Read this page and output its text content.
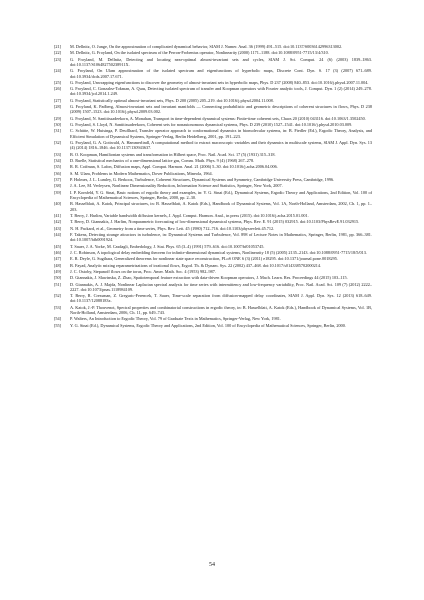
[21]	M. Dellnitz, O. Junge, On the approximation of complicated dynamical behavior, SIAM J. Numer. Anal. 36 (1999) 491–515. doi:10.1137/S0036142996313002.
[22]	M. Dellnitz, G. Froyland, On the isolated spectrum of the Perron-Frobenius operator, Nonlinearity (2000) 1171–1188. doi:10.1088/0951-7715/13/4/310.
[23]	G. Froyland, M. Dellnitz, Detecting and locating near-optimal almost-invariant sets and cycles, SIAM J. Sci. Comput. 24 (6) (2003) 1839–1863. doi:10.1137/S106482750238911X.
[24]	G. Froyland, On Ulam approximation of the isolated spectrum and eigenfunctions of hyperbolic maps, Discrete Cont. Dyn. S. 17 (3) (2007) 671–689. doi:10.3934/dcds.2007.17.671.
[25]	G. Froyland, Unwrapping eigenfunctions to discover the geometry of almost-invariant sets in hyperbolic maps, Phys. D 237 (2008) 840–853. doi:10.1016/j.physd.2007.11.004.
[26]	G. Froyland, C. Gonzalez-Tokman, A. Quas, Detecting isolated spectrum of transfer and Koopman operators with Fourier analytic tools, J. Comput. Dyn. 1 (2) (2014) 249–278. doi:10.3934/jcd.2014.1.249.
[27]	G. Froyland, Statistically optimal almost-invariant sets, Phys. D 200 (2005) 205–219. doi:10.1016/j.physd.2004.11.008.
[28]	G. Froyland, K. Padberg, Almost-invariant sets and invariant manifolds — Connecting probabilistic and geometric descriptions of coherent structures in flows, Phys. D 238 (2009) 1507–1523. doi:10.1016/j.physd.2009.03.002.
[29]	G. Froyland, N. Santitissadeekorn, A. Monahan, Transport in time-dependent dynamical systems: Finite-time coherent sets, Chaos 20 (2010) 043116. doi:10.1063/1.3502450.
[30]	G. Froyland, S. Lloyd, N. Santitissadeekorn, Coherent sets for nonautonomous dynamical systems, Phys. D 239 (2010) 1527–1541. doi:10.1016/j.physd.2010.03.009.
[31]	C. Schütte, W. Huisinga, P. Deuflhard, Transfer operator approach to conformational dynamics in biomolecular systems, in: B. Fiedler (Ed.), Ergodic Theory, Analysis, and Efficient Simulation of Dynamical Systems, Springer-Verlag, Berlin Heidelberg, 2001, pp. 191–223.
[32]	G. Froyland, G. A. Gottwald, A. Hammerlindl, A computational method to extract macroscopic variables and their dynamics in multiscale systems, SIAM J. Appl. Dyn. Sys. 13 (4) (2014) 1816–1846. doi:10.1137/130943637.
[33]	B. O. Koopman, Hamiltonian systems and transformation in Hilbert space, Proc. Natl. Acad. Sci. 17 (5) (1931) 315–318.
[34]	D. Ruelle, Statistical mechanics of a one-dimensional lattice gas, Comm. Math. Phys. 9 (4) (1968) 267–278.
[35]	R. R. Coifman, S. Lafon, Diffusion maps, Appl. Comput. Harmon. Anal. 21 (2006) 5–30. doi:10.1016/j.acha.2006.04.006.
[36]	S. M. Ulam, Problems in Modern Mathematics, Dover Publications, Mineola, 1964.
[37]	P. Holmes, J. L. Lumley, G. Berkooz, Turbulence, Coherent Structures, Dynamical Systems and Symmetry, Cambridge University Press, Cambridge, 1996.
[38]	J. A. Lee, M. Verleysen, Nonlinear Dimensionality Reduction, Information Science and Statistics, Springer, New York, 2007.
[39]	I. P. Kornfeld, Y. G. Sinai, Basic notions of ergodic theory and examples, in: Y. G. Sinai (Ed.), Dynamical Systems, Ergodic Theory and Applications, 2nd Edition, Vol. 100 of Encyclopedia of Mathematical Sciences, Springer, Berlin, 2000, pp. 2–30.
[40]	B. Hasselblatt, A. Katok, Principal structures, in: B. Hasselblatt, A. Katok (Eds.), Handbook of Dynamical Systems, Vol. 1A, North-Holland, Amsterdam, 2002, Ch. 1, pp. 1–203.
[41]	T. Berry, J. Harlim, Variable bandwidth diffusion kernels, J. Appl. Comput. Harmon. Anal., in press (2015). doi:10.1016/j.acha.2015.01.001.
[42]	T. Berry, D. Giannakis, J. Harlim, Nonparametric forecasting of low-dimensional dynamical systems, Phys. Rev. E. 91 (2015) 032915. doi:10.1103/PhysRevE.91.032915.
[43]	N. H. Packard, et al., Geometry from a time series, Phys. Rev. Lett. 45 (1980) 712–716. doi:10.1103/physrevlett.45.712.
[44]	F. Takens, Detecting strange attractors in turbulence, in: Dynamical Systems and Turbulence, Vol. 898 of Lecture Notes in Mathematics, Springer, Berlin, 1981, pp. 366–381. doi:10.1007/bfb0091924.
[45]	T. Sauer, J. A. Yorke, M. Casdagli, Embedology, J. Stat. Phys. 65 (3–4) (1991) 579–616. doi:10.1007/bf01053745.
[46]	J. C. Robinson, A topological delay embedding theorem for infinite-dimensional dynamical systems, Nonlinearity 18 (5) (2005) 2135–2143. doi:10.1088/0951-7715/18/5/013.
[47]	E. R. Deyle, G. Sugihara, Generalized theorems for nonlinear state space reconstruction, PLoS ONE 6 (3) (2011) e18295. doi:10.1371/journal.pone.0018295.
[48]	B. Fayad, Analytic mixing reparametrizations of irrational flows, Ergod. Th. & Dynam. Sys. 22 (2002) 437–468. doi:10.1017/s0143385702000214.
[49]	J. C. Oxtoby, Stepanoff flows on the torus, Proc. Amer. Math. Soc. 4 (1953) 982–987.
[50]	D. Giannakis, J. Slawinska, Z. Zhao, Spatiotemporal feature extraction with data-driven Koopman operators, J. Mach. Learn. Res. Proceedings 44 (2015) 103–115.
[51]	D. Giannakis, A. J. Majda, Nonlinear Laplacian spectral analysis for time series with intermittency and low-frequency variability, Proc. Natl. Acad. Sci. 109 (7) (2012) 2222–2227. doi:10.1073/pnas.1118984109.
[52]	T. Berry, R. Cressman, Z. Greguric-Ferencek, T. Sauer, Time-scale separation from diffusion-mapped delay coordinates, SIAM J. Appl. Dyn. Sys. 12 (2013) 618–649. doi:10.1137/12088183x.
[53]	A. Katok, J.-P. Thouvenot, Spectral properties and combinatorial constructions in ergodic theory, in: B. Hasselblatt, A. Katok (Eds.), Handbook of Dynamical Systems, Vol. 1B, North-Holland, Amsterdam, 2006, Ch. 11, pp. 649–743.
[54]	P. Walters, An Introduction to Ergodic Theory, Vol. 79 of Graduate Texts in Mathematics, Springer-Verlag, New York, 1981.
[55]	Y. G. Sinai (Ed.), Dynamical Systems, Ergodic Theory and Applications, 2nd Edition, Vol. 100 of Encyclopedia of Mathematical Sciences, Springer, Berlin, 2000.
54
